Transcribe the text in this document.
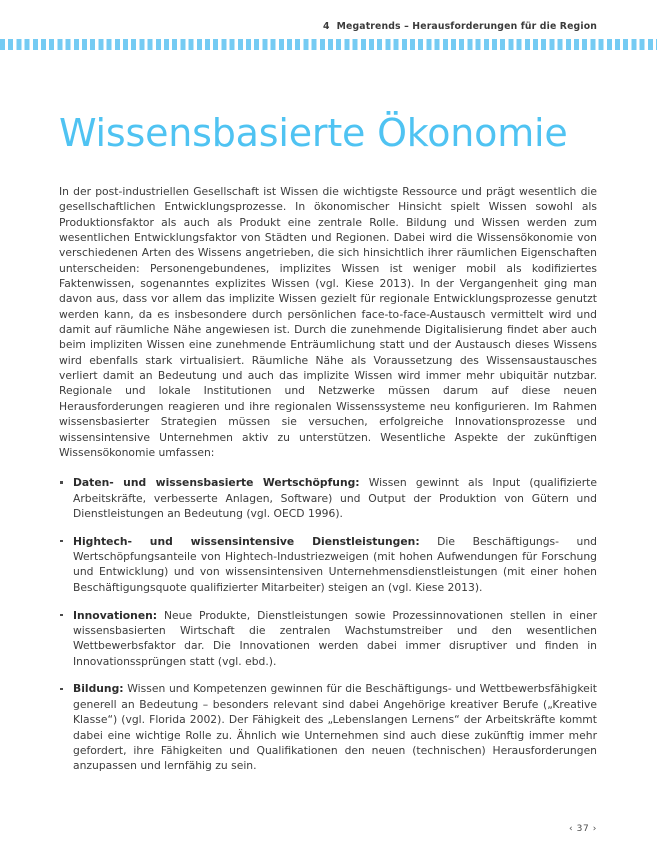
4 Megatrends – Herausforderungen für die Region
Wissensbasierte Ökonomie

In der post-industriellen Gesellschaft ist Wissen die wichtigste Ressource und prägt wesentlich die gesellschaftlichen Entwicklungsprozesse. In ökonomischer Hinsicht spielt Wissen sowohl als Produktionsfaktor als auch als Produkt eine zentrale Rolle. Bildung und Wissen werden zum wesentlichen Entwicklungsfaktor von Städten und Regionen. Dabei wird die Wissensökonomie von verschiedenen Arten des Wissens angetrieben, die sich hinsichtlich ihrer räumlichen Eigenschaften unterscheiden: Personengebundenes, implizites Wissen ist weniger mobil als kodifiziertes Faktenwissen, sogenanntes explizites Wissen (vgl. Kiese 2013). In der Vergangenheit ging man davon aus, dass vor allem das implizite Wissen gezielt für regionale Entwicklungsprozesse genutzt werden kann, da es insbesondere durch persönlichen face-to-face-Austausch vermittelt wird und damit auf räumliche Nähe angewiesen ist. Durch die zunehmende Digitalisierung findet aber auch beim impliziten Wissen eine zunehmende Enträumlichung statt und der Austausch dieses Wissens wird ebenfalls stark virtualisiert. Räumliche Nähe als Voraussetzung des Wissensaustausches verliert damit an Bedeutung und auch das implizite Wissen wird immer mehr ubiquitär nutzbar. Regionale und lokale Institutionen und Netzwerke müssen darum auf diese neuen Herausforderungen reagieren und ihre regionalen Wissenssysteme neu konfigurieren. Im Rahmen wissensbasierter Strategien müssen sie versuchen, erfolgreiche Innovationsprozesse und wissensintensive Unternehmen aktiv zu unterstützen. Wesentliche Aspekte der zukünftigen Wissensökonomie umfassen:

Daten- und wissensbasierte Wertschöpfung: Wissen gewinnt als Input (qualifizierte Arbeitskräfte, verbesserte Anlagen, Software) und Output der Produktion von Gütern und Dienstleistungen an Bedeutung (vgl. OECD 1996).
Hightech- und wissensintensive Dienstleistungen: Die Beschäftigungs- und Wertschöpfungsanteile von Hightech-Industriezweigen (mit hohen Aufwendungen für Forschung und Entwicklung) und von wissensintensiven Unternehmensdienstleistungen (mit einer hohen Beschäftigungsquote qualifizierter Mitarbeiter) steigen an (vgl. Kiese 2013).
Innovationen: Neue Produkte, Dienstleistungen sowie Prozessinnovationen stellen in einer wissensbasierten Wirtschaft die zentralen Wachstumstreiber und den wesentlichen Wettbewerbsfaktor dar. Die Innovationen werden dabei immer disruptiver und finden in Innovationssprüngen statt (vgl. ebd.).
Bildung: Wissen und Kompetenzen gewinnen für die Beschäftigungs- und Wettbewerbsfähigkeit generell an Bedeutung – besonders relevant sind dabei Angehörige kreativer Berufe („Kreative Klasse“) (vgl. Florida 2002). Der Fähigkeit des „Lebenslangen Lernens“ der Arbeitskräfte kommt dabei eine wichtige Rolle zu. Ähnlich wie Unternehmen sind auch diese zukünftig immer mehr gefordert, ihre Fähigkeiten und Qualifikationen den neuen (technischen) Herausforderungen anzupassen und lernfähig zu sein.
‹ 37 ›
